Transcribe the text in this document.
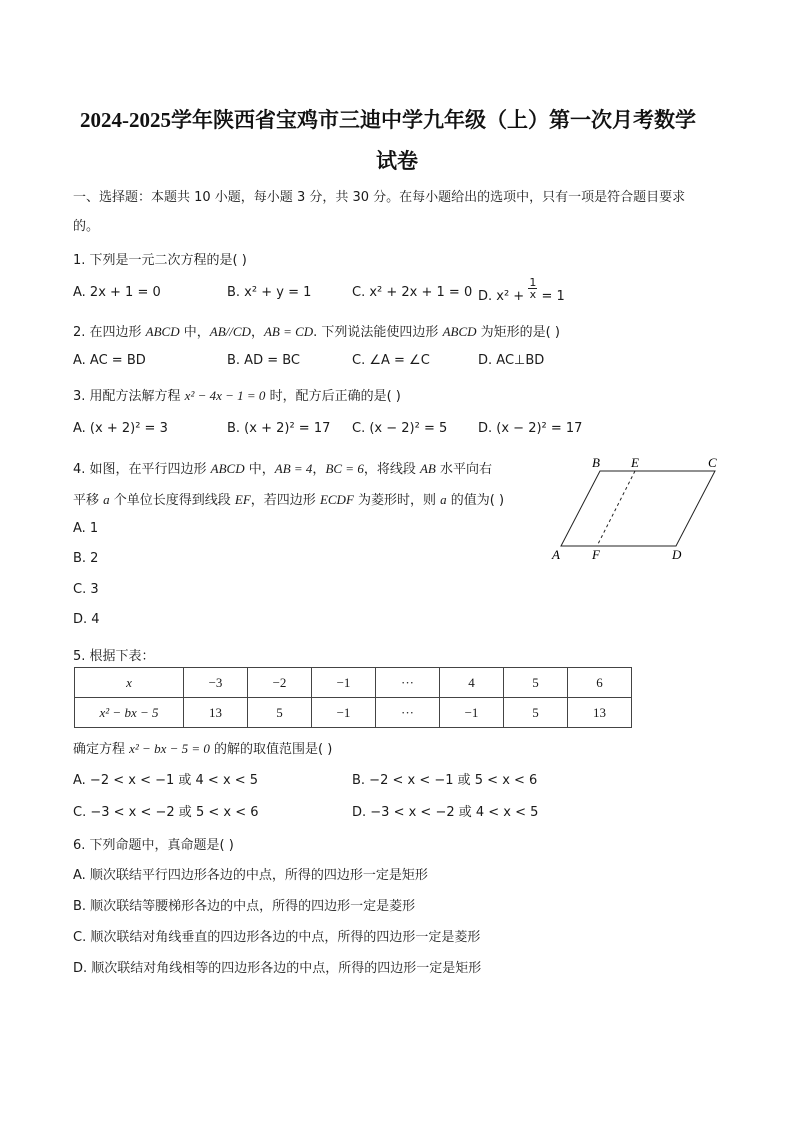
2024-2025学年陕西省宝鸡市三迪中学九年级（上）第一次月考数学
试卷
一、选择题：本题共 10 小题，每小题 3 分，共 30 分。在每小题给出的选项中，只有一项是符合题目要求
的。
1. 下列是一元二次方程的是( )
A. 2x + 1 = 0	B. x² + y = 1	C. x² + 2x + 1 = 0 D. $x^2 + \frac{1}{x} = 1$
2. 在四边形 ABCD 中，AB//CD，AB = CD. 下列说法能使四边形 ABCD 为矩形的是( )
A. AC = BD	B. AD = BC	C. ∠A = ∠C	D. AC⊥BD
3. 用配方法解方程 x² − 4x − 1 = 0 时，配方后正确的是( )
A. (x + 2)² = 3	B. (x + 2)² = 17 C. (x − 2)² = 5 D. (x − 2)² = 17
4. 如图，在平行四边形 ABCD 中，AB = 4，BC = 6，将线段 AB 水平向右
平移 a 个单位长度得到线段 EF，若四边形 ECDF 为菱形时，则 a 的值为( )
A. 1
B. 2
C. 3
D. 4
B E	C
A F	D
5. 根据下表：
x	−3	−2	−1	···	4	5	6
x² − bx − 5	13	5	−1	···	−1	5	13
确定方程 x² − bx − 5 = 0 的解的取值范围是( )
A. −2 < x < −1 或 4 < x < 5	B. −2 < x < −1 或 5 < x < 6
C. −3 < x < −2 或 5 < x < 6	D. −3 < x < −2 或 4 < x < 5
6. 下列命题中，真命题是( )
A. 顺次联结平行四边形各边的中点，所得的四边形一定是矩形
B. 顺次联结等腰梯形各边的中点，所得的四边形一定是菱形
C. 顺次联结对角线垂直的四边形各边的中点，所得的四边形一定是菱形
D. 顺次联结对角线相等的四边形各边的中点，所得的四边形一定是矩形
